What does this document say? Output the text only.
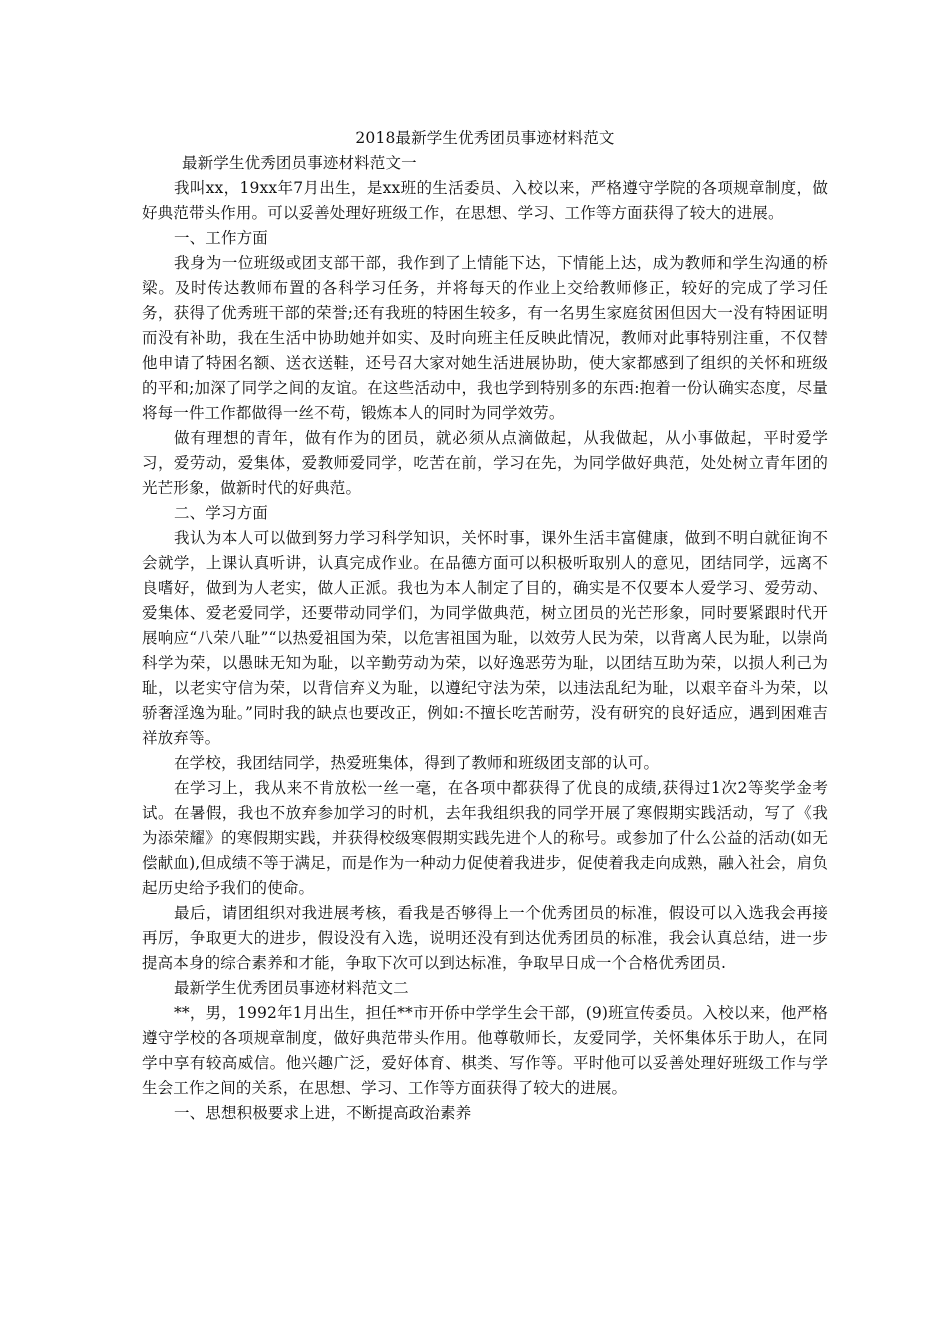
2018最新学生优秀团员事迹材料范文

最新学生优秀团员事迹材料范文一

我叫xx，19xx年7月出生，是xx班的生活委员、入校以来，严格遵守学院的各项规章制度，做好典范带头作用。可以妥善处理好班级工作，在思想、学习、工作等方面获得了较大的进展。

一、工作方面

我身为一位班级或团支部干部，我作到了上情能下达，下情能上达，成为教师和学生沟通的桥梁。及时传达教师布置的各科学习任务，并将每天的作业上交给教师修正，较好的完成了学习任务，获得了优秀班干部的荣誉;还有我班的特困生较多，有一名男生家庭贫困但因大一没有特困证明而没有补助，我在生活中协助她并如实、及时向班主任反映此情况，教师对此事特别注重，不仅替他申请了特困名额、送衣送鞋，还号召大家对她生活进展协助，使大家都感到了组织的关怀和班级的平和;加深了同学之间的友谊。在这些活动中，我也学到特别多的东西:抱着一份认确实态度，尽量将每一件工作都做得一丝不苟，锻炼本人的同时为同学效劳。

做有理想的青年，做有作为的团员，就必须从点滴做起，从我做起，从小事做起，平时爱学习，爱劳动，爱集体，爱教师爱同学，吃苦在前，学习在先，为同学做好典范，处处树立青年团的光芒形象，做新时代的好典范。

二、学习方面

我认为本人可以做到努力学习科学知识，关怀时事，课外生活丰富健康，做到不明白就征询不会就学，上课认真听讲，认真完成作业。在品德方面可以积极听取别人的意见，团结同学，远离不良嗜好，做到为人老实，做人正派。我也为本人制定了目的，确实是不仅要本人爱学习、爱劳动、爱集体、爱老爱同学，还要带动同学们，为同学做典范，树立团员的光芒形象，同时要紧跟时代开展响应“八荣八耻”“以热爱祖国为荣，以危害祖国为耻，以效劳人民为荣，以背离人民为耻，以崇尚科学为荣，以愚昧无知为耻，以辛勤劳动为荣，以好逸恶劳为耻，以团结互助为荣，以损人利己为耻，以老实守信为荣，以背信弃义为耻，以遵纪守法为荣，以违法乱纪为耻，以艰辛奋斗为荣，以骄奢淫逸为耻。”同时我的缺点也要改正，例如:不擅长吃苦耐劳，没有研究的良好适应，遇到困难吉祥放弃等。

在学校，我团结同学，热爱班集体，得到了教师和班级团支部的认可。

在学习上，我从来不肯放松一丝一毫，在各项中都获得了优良的成绩,获得过1次2等奖学金考试。在暑假，我也不放弃参加学习的时机，去年我组织我的同学开展了寒假期实践活动，写了《我为添荣耀》的寒假期实践，并获得校级寒假期实践先进个人的称号。或参加了什么公益的活动(如无偿献血),但成绩不等于满足，而是作为一种动力促使着我进步，促使着我走向成熟，融入社会，肩负起历史给予我们的使命。

最后，请团组织对我进展考核，看我是否够得上一个优秀团员的标准，假设可以入选我会再接再厉，争取更大的进步，假设没有入选，说明还没有到达优秀团员的标准，我会认真总结，进一步提高本身的综合素养和才能，争取下次可以到达标准，争取早日成一个合格优秀团员.

最新学生优秀团员事迹材料范文二

**，男，1992年1月出生，担任**市开侨中学学生会干部，(9)班宣传委员。入校以来，他严格遵守学校的各项规章制度，做好典范带头作用。他尊敬师长，友爱同学，关怀集体乐于助人，在同学中享有较高威信。他兴趣广泛，爱好体育、棋类、写作等。平时他可以妥善处理好班级工作与学生会工作之间的关系，在思想、学习、工作等方面获得了较大的进展。

一、思想积极要求上进，不断提高政治素养
